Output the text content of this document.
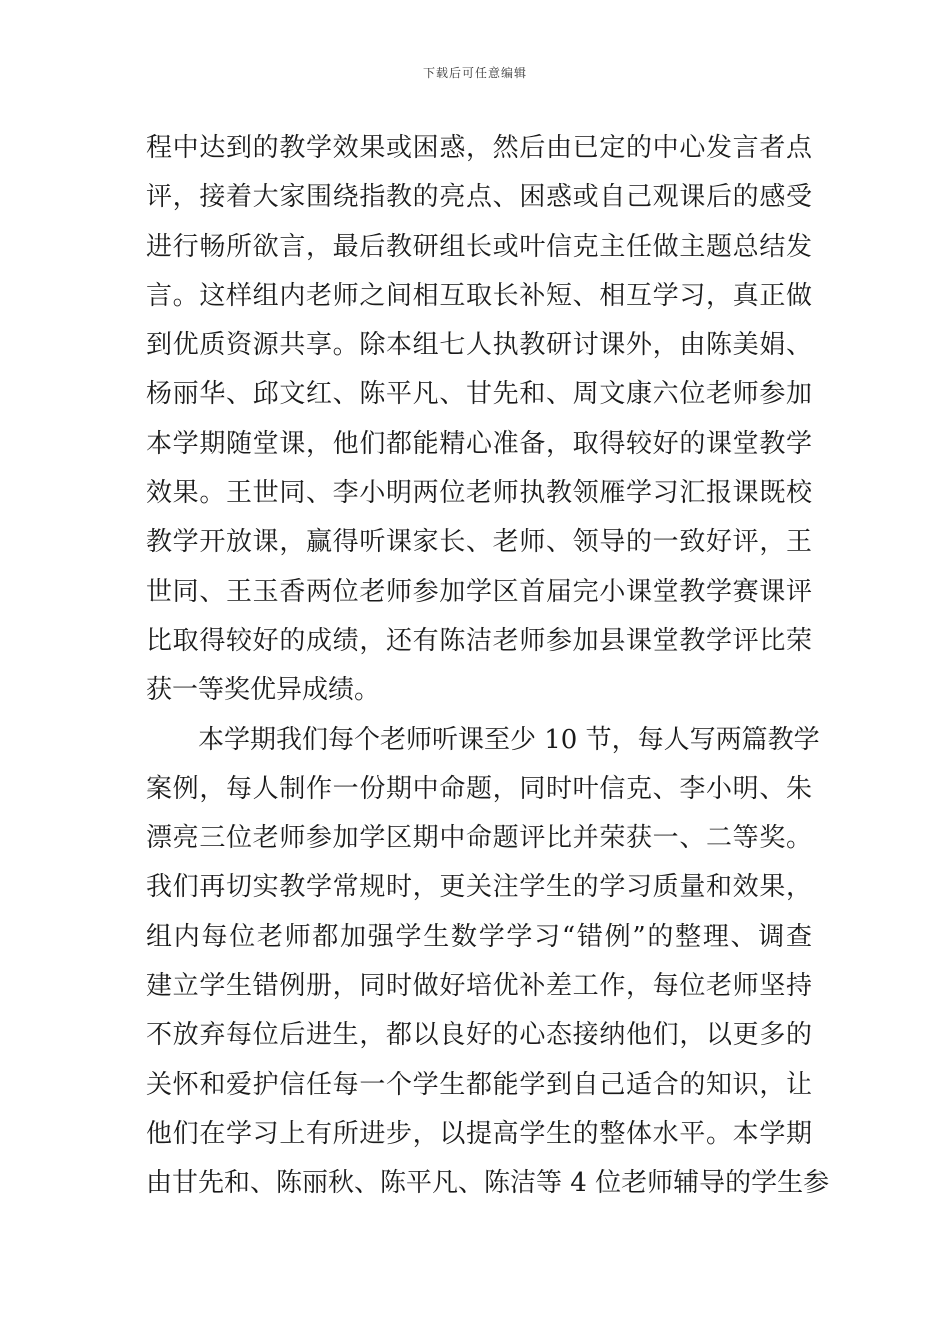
下载后可任意编辑
程中达到的教学效果或困惑，然后由已定的中心发言者点
评，接着大家围绕指教的亮点、困惑或自己观课后的感受
进行畅所欲言，最后教研组长或叶信克主任做主题总结发
言。这样组内老师之间相互取长补短、相互学习，真正做
到优质资源共享。除本组七人执教研讨课外，由陈美娟、
杨丽华、邱文红、陈平凡、甘先和、周文康六位老师参加
本学期随堂课，他们都能精心准备，取得较好的课堂教学
效果。王世同、李小明两位老师执教领雁学习汇报课既校
教学开放课，赢得听课家长、老师、领导的一致好评，王
世同、王玉香两位老师参加学区首届完小课堂教学赛课评
比取得较好的成绩，还有陈洁老师参加县课堂教学评比荣
获一等奖优异成绩。
　　本学期我们每个老师听课至少 10 节，每人写两篇教学
案例，每人制作一份期中命题，同时叶信克、李小明、朱
漂亮三位老师参加学区期中命题评比并荣获一、二等奖。
我们再切实教学常规时，更关注学生的学习质量和效果，
组内每位老师都加强学生数学学习“错例”的整理、调查
建立学生错例册，同时做好培优补差工作，每位老师坚持
不放弃每位后进生，都以良好的心态接纳他们，以更多的
关怀和爱护信任每一个学生都能学到自己适合的知识，让
他们在学习上有所进步，以提高学生的整体水平。本学期
由甘先和、陈丽秋、陈平凡、陈洁等 4 位老师辅导的学生参
